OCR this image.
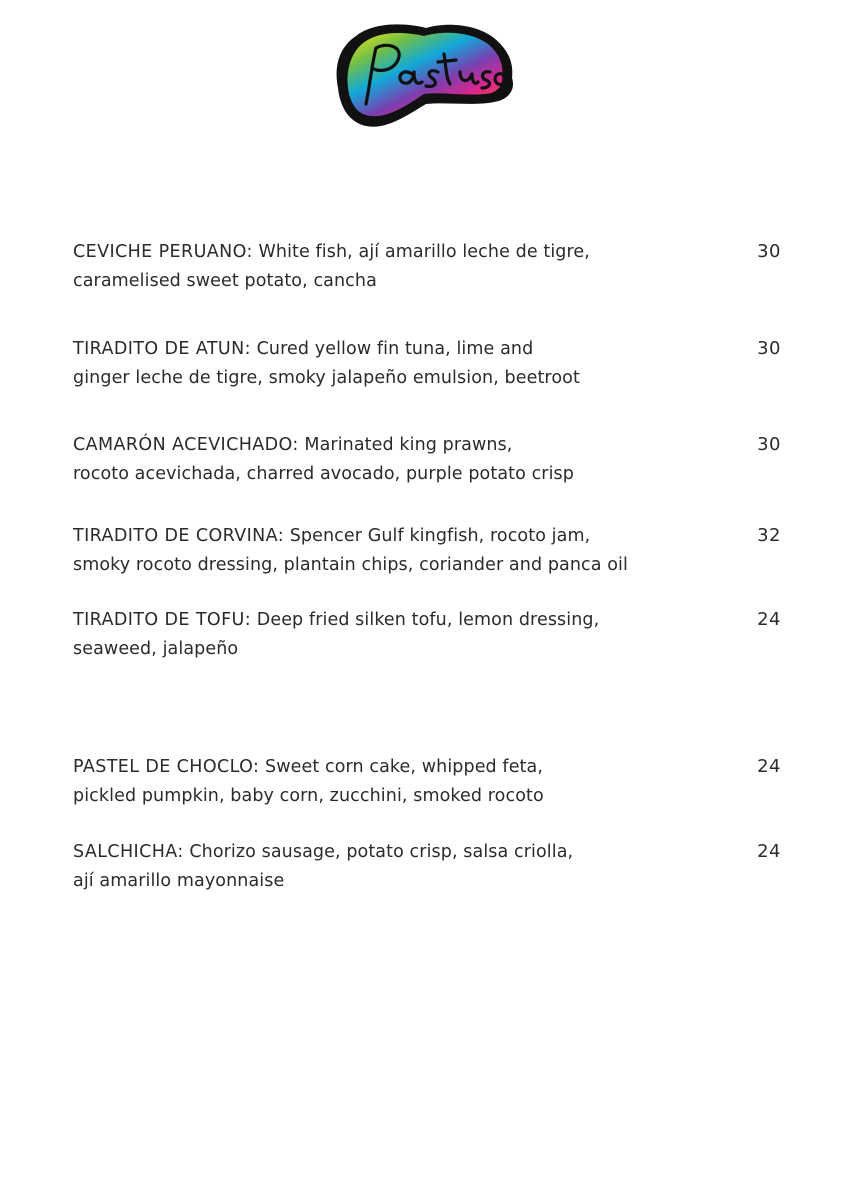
CEVICHE PERUANO: White fish, ají amarillo leche de tigre,
caramelised sweet potato, cancha
30
TIRADITO DE ATUN: Cured yellow fin tuna, lime and
ginger leche de tigre, smoky jalapeño emulsion, beetroot
30
CAMARÓN ACEVICHADO: Marinated king prawns,
rocoto acevichada, charred avocado, purple potato crisp
30
TIRADITO DE CORVINA: Spencer Gulf kingfish, rocoto jam,
smoky rocoto dressing, plantain chips, coriander and panca oil
32
TIRADITO DE TOFU: Deep fried silken tofu, lemon dressing,
seaweed, jalapeño
24
PASTEL DE CHOCLO: Sweet corn cake, whipped feta,
pickled pumpkin, baby corn, zucchini, smoked rocoto
24
SALCHICHA: Chorizo sausage, potato crisp, salsa criolla,
ají amarillo mayonnaise
24
